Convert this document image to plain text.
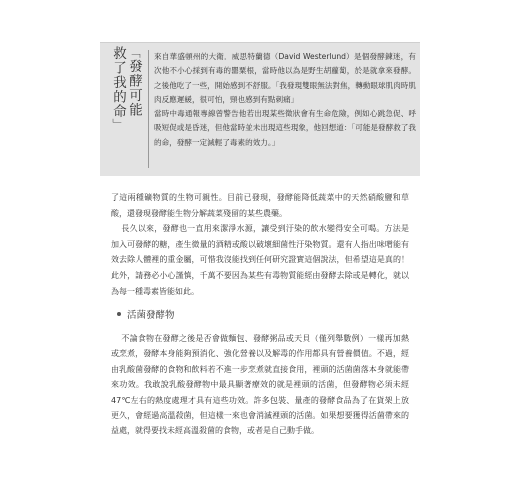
「發酵可能
救了我的命」

來自華盛頓州的大衛．威思特蘭德（David Westerlund）是個發酵鍊迷，有次他不小心採到有毒的罌粟根，當時他以為是野生胡蘿蔔，於是就拿來發酵。之後他吃了一些，開始感到不舒服。「我發現雙眼無法對焦，轉動眼球肌肉時肌肉反應遲緩，很可怕，頸也感到有點刺痛」

當時中毒通報專線曾警告他若出現某些徵狀會有生命危險，例如心跳急促、呼吸短促或是昏迷，但他當時並未出現這些現象，他回想道：「可能是發酵救了我的命，發酵一定減輕了毒素的效力。」

了這兩種礦物質的生物可親性。目前已發現，發酵能降低蔬菜中的天然硝酸鹽和草酸，還發現發酵能生物分解蔬菜殘留的某些農藥。

長久以來，發酵也一直用來潔淨水源，讓受到汙染的飲水變得安全可喝。方法是加入可發酵的糖，產生微量的酒精或酸以破壞細菌性汙染物質。還有人指出味噌能有效去除人體裡的重金屬，可惜我沒能找到任何研究證實這個說法，但希望這是真的！此外，請務必小心謹慎，千萬不要因為某些有毒物質能經由發酵去除或是轉化，就以為每一種毒素皆能如此。

活菌發酵物
不論食物在發酵之後是否會做麵包、發酵粥品或天貝（僅列舉數例）一樣再加熱或烹煮，發酵本身能夠預消化、強化營養以及解毒的作用都具有營養價值。不過，經由乳酸菌發酵的食物和飲料若不進一步烹煮就直接食用，裡頭的活菌菌落本身就能帶來功效。我敢說乳酸發酵物中最具顯著療效的就是裡頭的活菌，但發酵物必須未經47℃左右的熱度處理才具有這些功效。許多包裝、量產的發酵食品為了在貨架上放更久，會經過高溫殺菌，但這樣一來也會消滅裡頭的活菌。如果想要獲得活菌帶來的益處，就得要找未經高溫殺菌的食物，或者是自己動手做。
